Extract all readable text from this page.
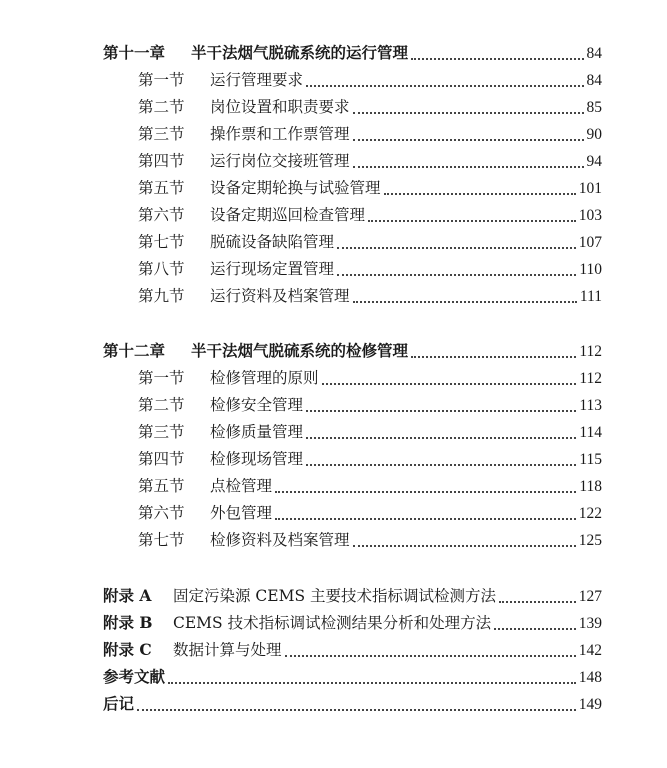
第十一章	半干法烟气脱硫系统的运行管理	84
第一节	运行管理要求	84
第二节	岗位设置和职责要求	85
第三节	操作票和工作票管理	90
第四节	运行岗位交接班管理	94
第五节	设备定期轮换与试验管理	101
第六节	设备定期巡回检查管理	103
第七节	脱硫设备缺陷管理	107
第八节	运行现场定置管理	110
第九节	运行资料及档案管理	111
第十二章	半干法烟气脱硫系统的检修管理	112
第一节	检修管理的原则	112
第二节	检修安全管理	113
第三节	检修质量管理	114
第四节	检修现场管理	115
第五节	点检管理	118
第六节	外包管理	122
第七节	检修资料及档案管理	125
附录 A	固定污染源 CEMS 主要技术指标调试检测方法	127
附录 B	CEMS 技术指标调试检测结果分析和处理方法	139
附录 C	数据计算与处理	142
参考文献	148
后记	149
